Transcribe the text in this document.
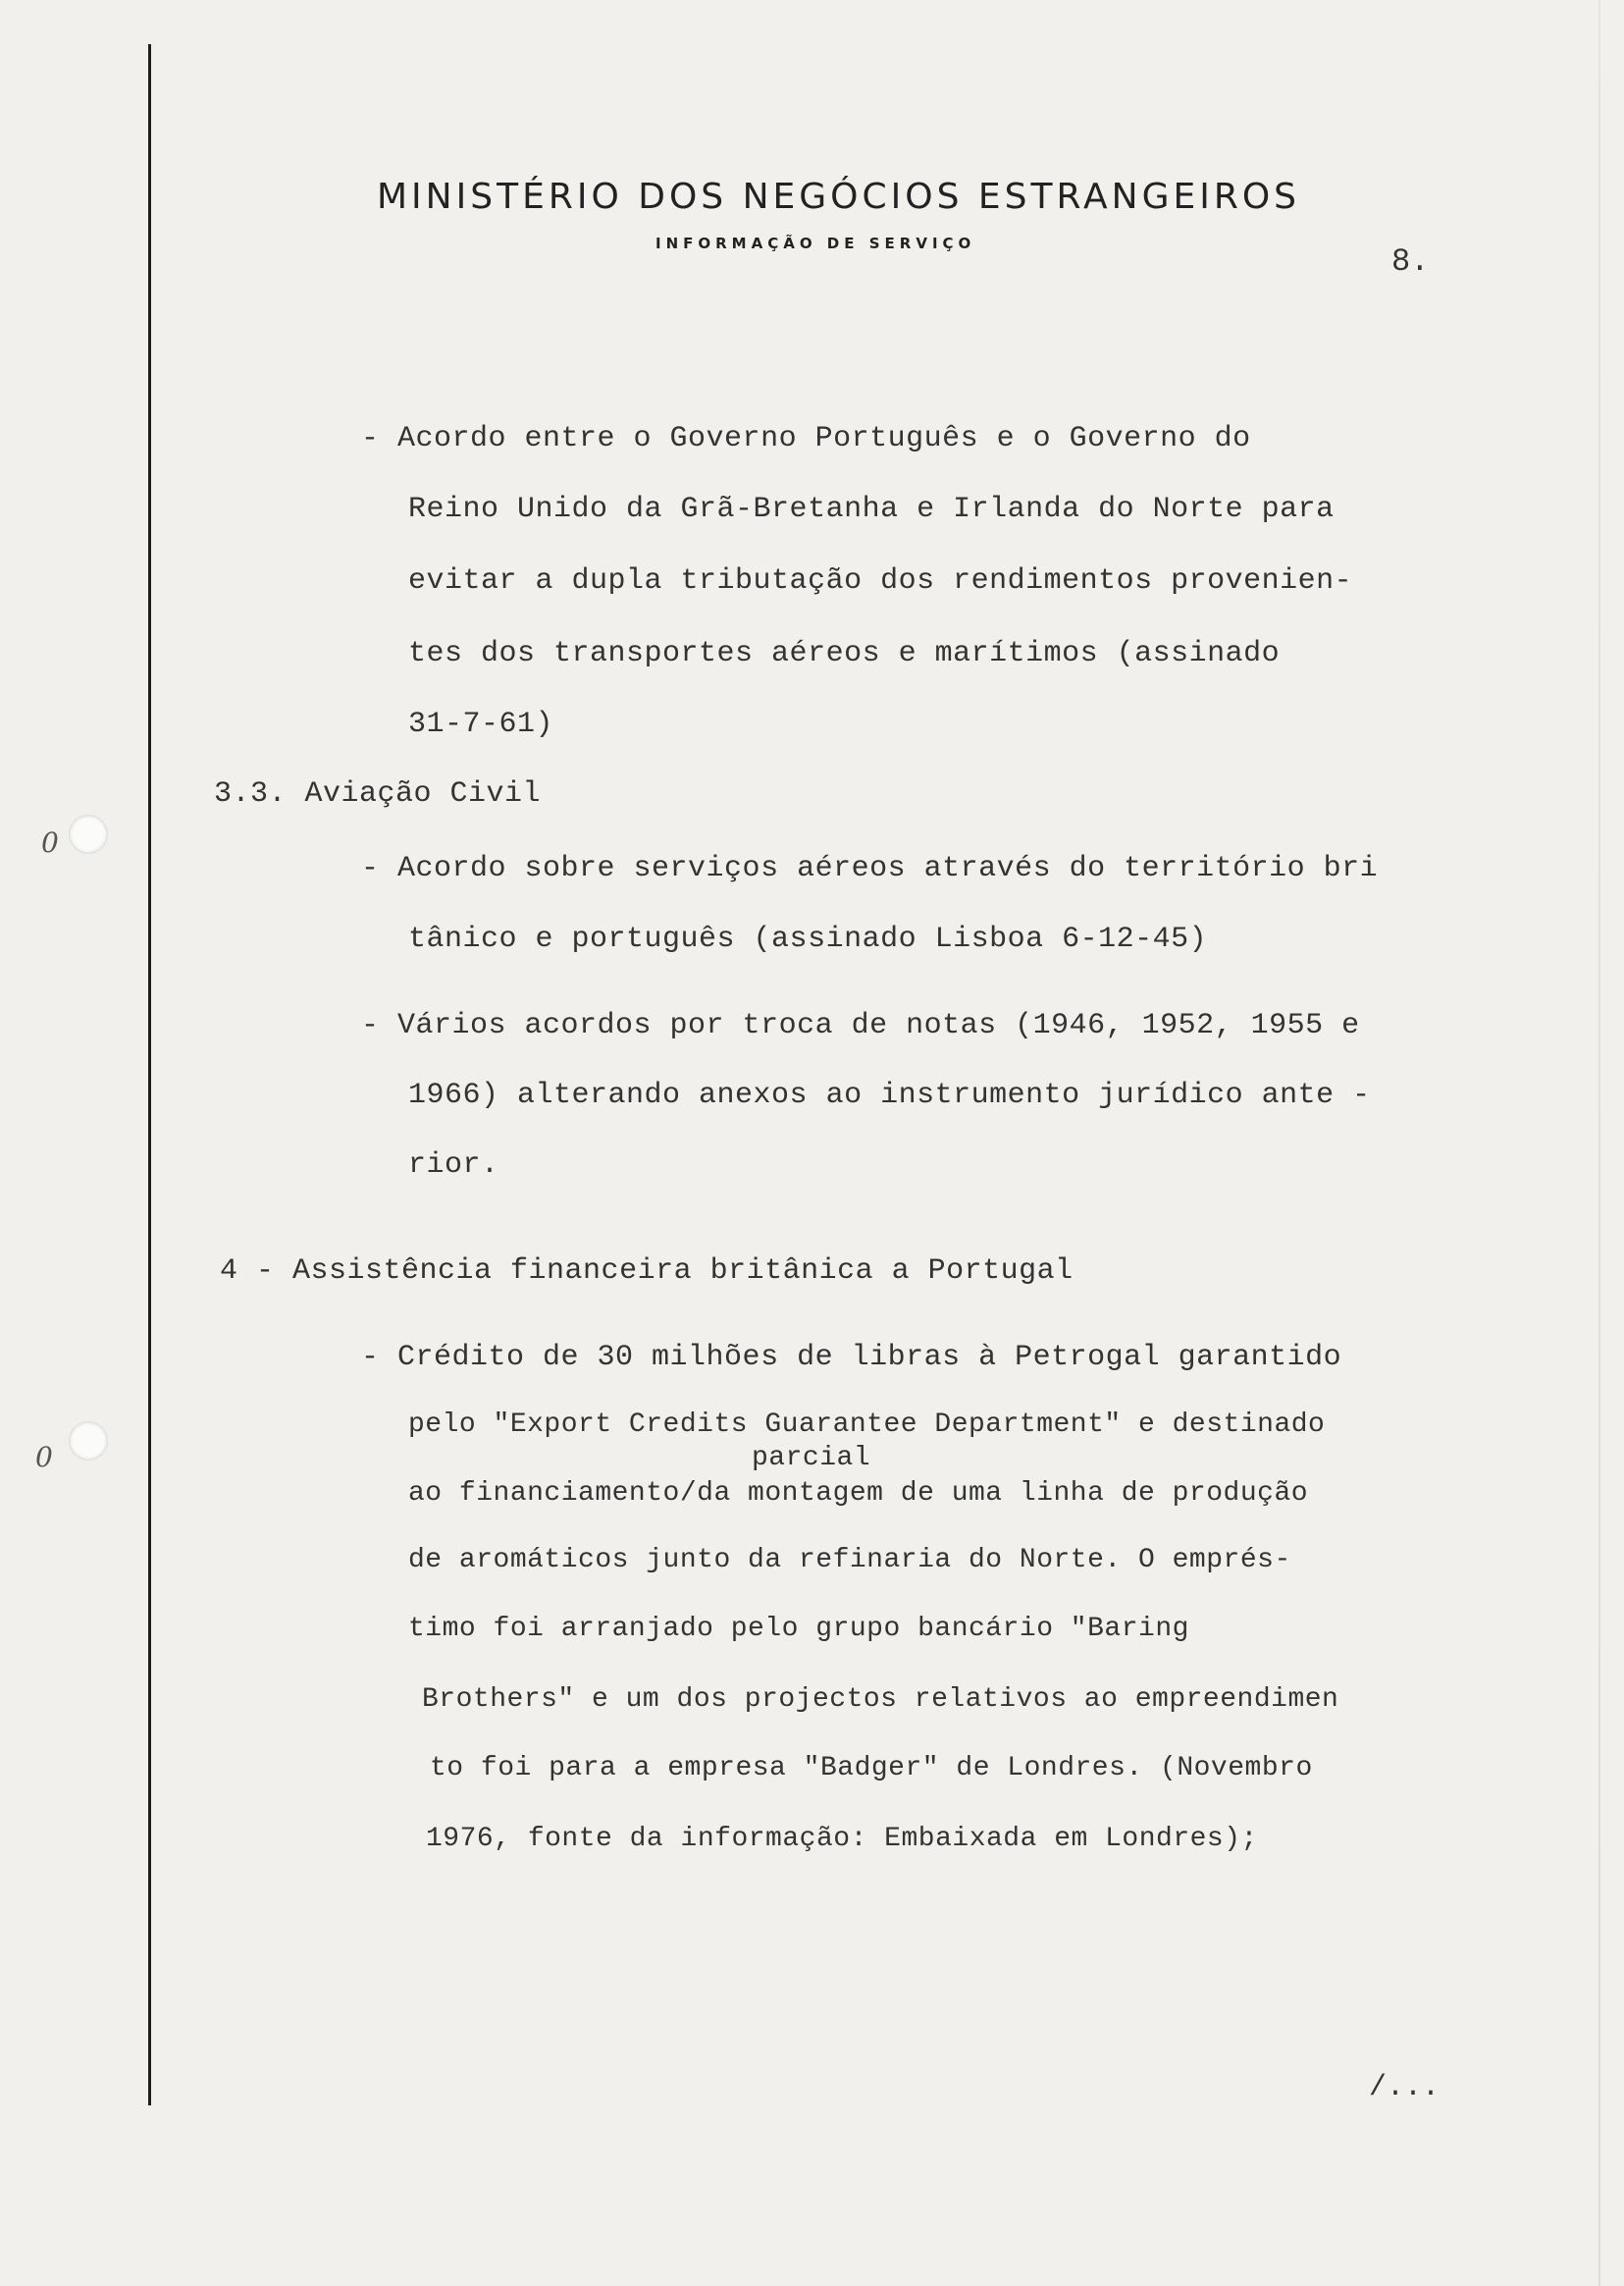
0
0
MINISTÉRIO DOS NEGÓCIOS ESTRANGEIROS
INFORMAÇÃO DE SERVIÇO	8.
- Acordo entre o Governo Português e o Governo do
Reino Unido da Grã-Bretanha e Irlanda do Norte para
evitar a dupla tributação dos rendimentos provenien-
tes dos transportes aéreos e marítimos (assinado
31-7-61)
3.3. Aviação Civil
- Acordo sobre serviços aéreos através do território bri
tânico e português (assinado Lisboa 6-12-45)
- Vários acordos por troca de notas (1946, 1952, 1955 e
1966) alterando anexos ao instrumento jurídico ante -
rior.
4 - Assistência financeira britânica a Portugal
- Crédito de 30 milhões de libras à Petrogal garantido
pelo "Export Credits Guarantee Department" e destinado
parcial
ao financiamento/da montagem de uma linha de produção
de aromáticos junto da refinaria do Norte. O emprés-
timo foi arranjado pelo grupo bancário "Baring
Brothers" e um dos projectos relativos ao empreendimen
to foi para a empresa "Badger" de Londres. (Novembro
1976, fonte da informação: Embaixada em Londres);
/...
